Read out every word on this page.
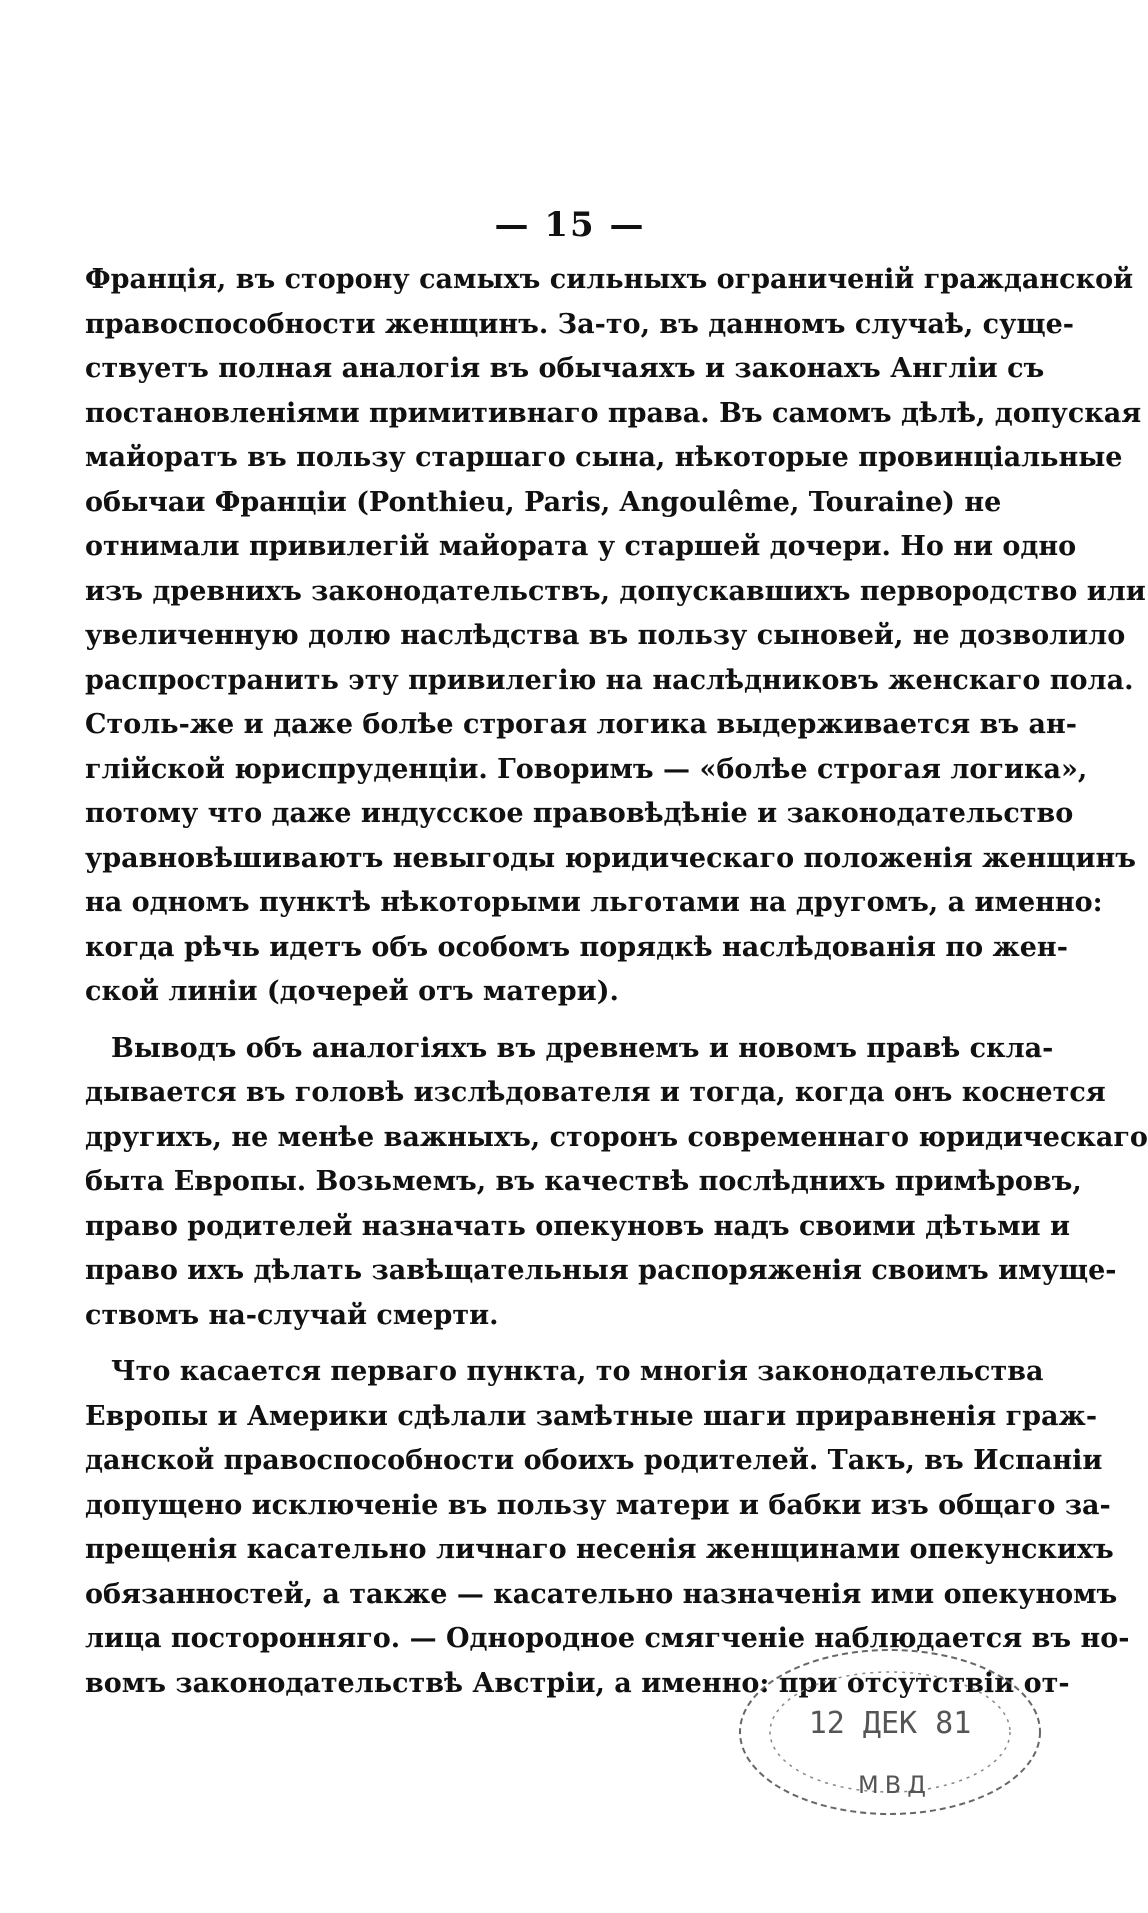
— 15 —
Францiя, въ сторону самыхъ сильныхъ ограниченiй гражданской
правоспособности женщинъ. За-то, въ данномъ случаѣ, суще-
ствуетъ полная аналогiя въ обычаяхъ и законахъ Англiи съ
постановленiями примитивнаго права. Въ самомъ дѣлѣ, допуская
майоратъ въ пользу старшаго сына, нѣкоторые провинцiальные
обычаи Францiи (Ponthieu, Paris, Angoulême, Touraine) не
отнимали привилегiй майората у старшей дочери. Но ни одно
изъ древнихъ законодательствъ, допускавшихъ первородство или
увеличенную долю наслѣдства въ пользу сыновей, не дозволило
распространить эту привилегiю на наслѣдниковъ женскаго пола.
Столь-же и даже болѣе строгая логика выдерживается въ ан-
глiйской юриспруденцiи. Говоримъ — «болѣе строгая логика»,
потому что даже индусское правовѣдѣнiе и законодательство
уравновѣшиваютъ невыгоды юридическаго положенiя женщинъ
на одномъ пунктѣ нѣкоторыми льготами на другомъ, а именно:
когда рѣчь идетъ объ особомъ порядкѣ наслѣдованiя по жен-
ской линiи (дочерей отъ матери).
Выводъ объ аналогiяхъ въ древнемъ и новомъ правѣ скла-
дывается въ головѣ изслѣдователя и тогда, когда онъ коснется
другихъ, не менѣе важныхъ, сторонъ современнаго юридическаго
быта Европы. Возьмемъ, въ качествѣ послѣднихъ примѣровъ,
право родителей назначать опекуновъ надъ своими дѣтьми и
право ихъ дѣлать завѣщательныя распоряженiя своимъ имуще-
ствомъ на-случай смерти.
Что касается перваго пункта, то многiя законодательства
Европы и Америки сдѣлали замѣтные шаги приравненiя граж-
данской правоспособности обоихъ родителей. Такъ, въ Испанiи
допущено исключенiе въ пользу матери и бабки изъ общаго за-
прещенiя касательно личнаго несенiя женщинами опекунскихъ
обязанностей, а также — касательно назначенiя ими опекуномъ
лица посторонняго. — Однородное смягченiе наблюдается въ но-
вомъ законодательствѣ Австрiи, а именно: при отсутствiи от-
12 ДЕК 81
МВД
